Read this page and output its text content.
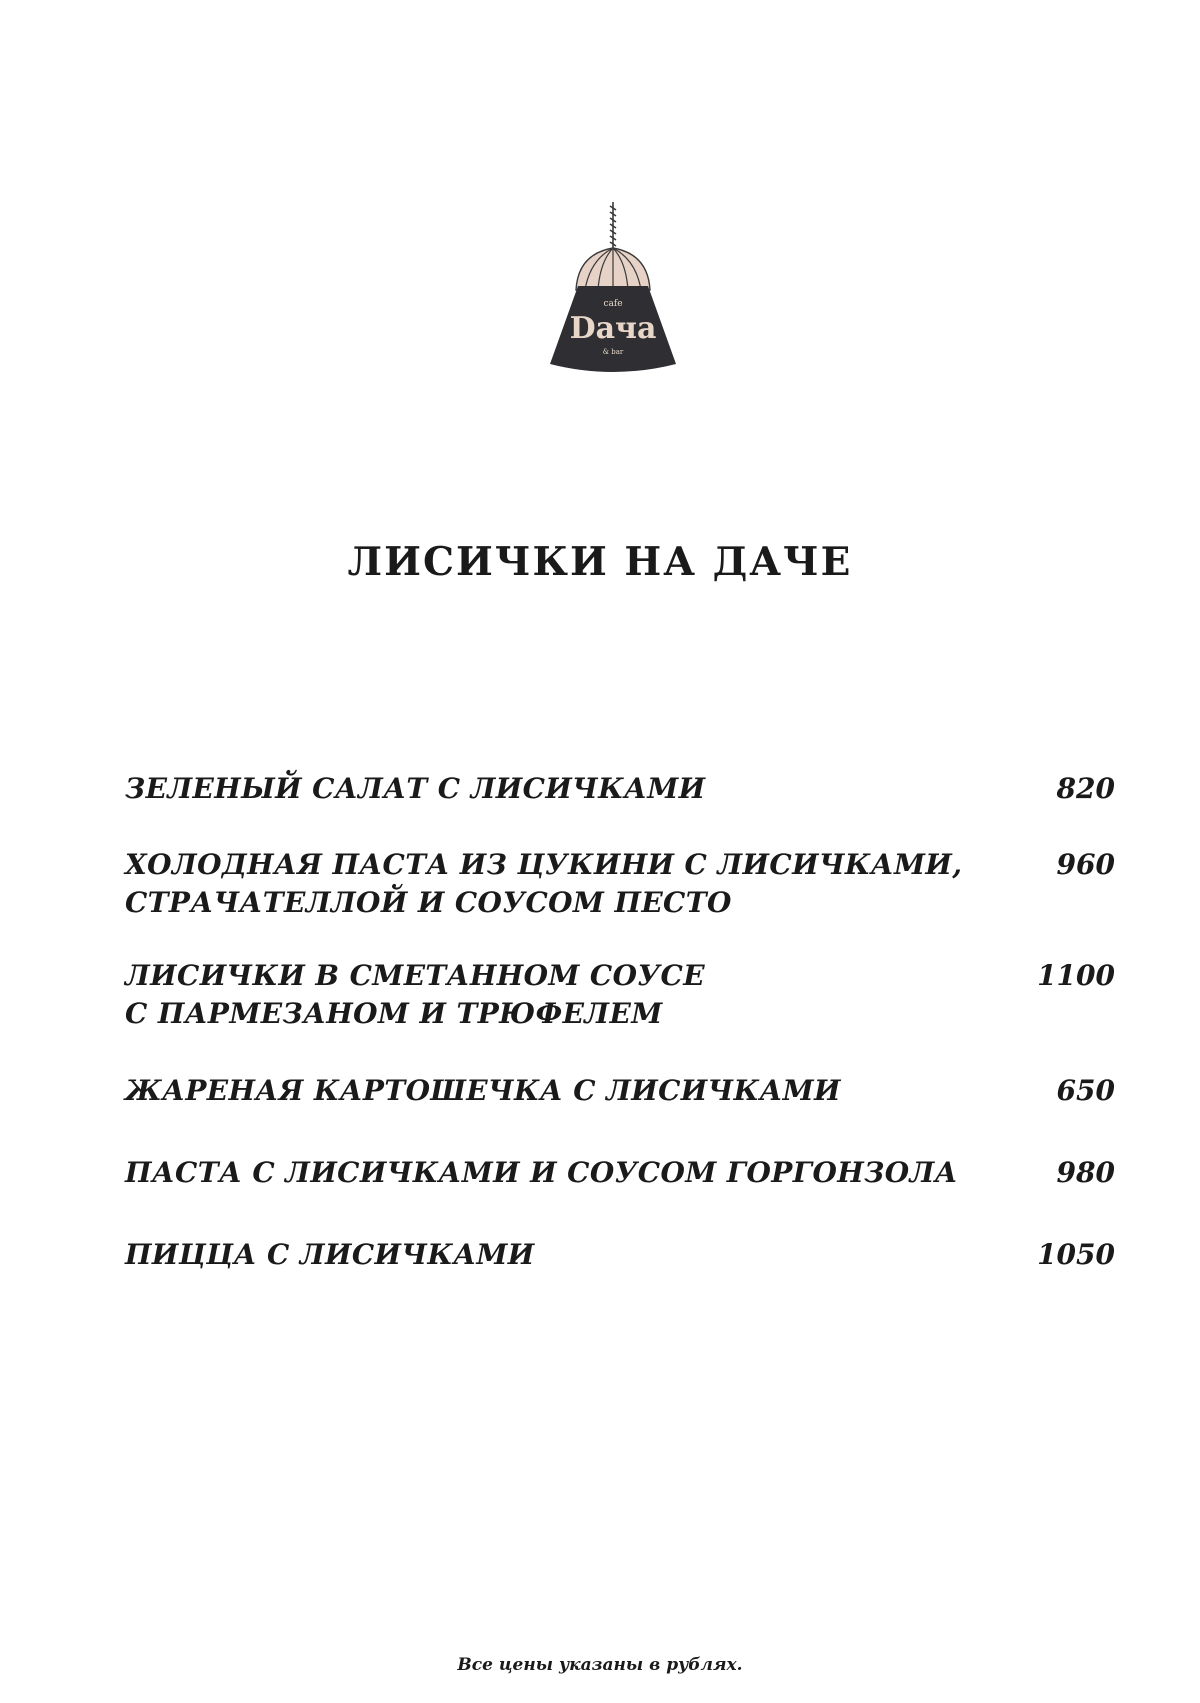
cafe
Dача
& bar
ЛИСИЧКИ НА ДАЧЕ
ЗЕЛЕНЫЙ САЛАТ С ЛИСИЧКАМИ	820
ХОЛОДНАЯ ПАСТА ИЗ ЦУКИНИ С ЛИСИЧКАМИ,
СТРАЧАТЕЛЛОЙ И СОУСОМ ПЕСТО
960
ЛИСИЧКИ В СМЕТАННОМ СОУСЕ
С ПАРМЕЗАНОМ И ТРЮФЕЛЕМ
1100
ЖАРЕНАЯ КАРТОШЕЧКА С ЛИСИЧКАМИ	650
ПАСТА С ЛИСИЧКАМИ И СОУСОМ ГОРГОНЗОЛА	980
ПИЦЦА С ЛИСИЧКАМИ	1050
Все цены указаны в рублях.
